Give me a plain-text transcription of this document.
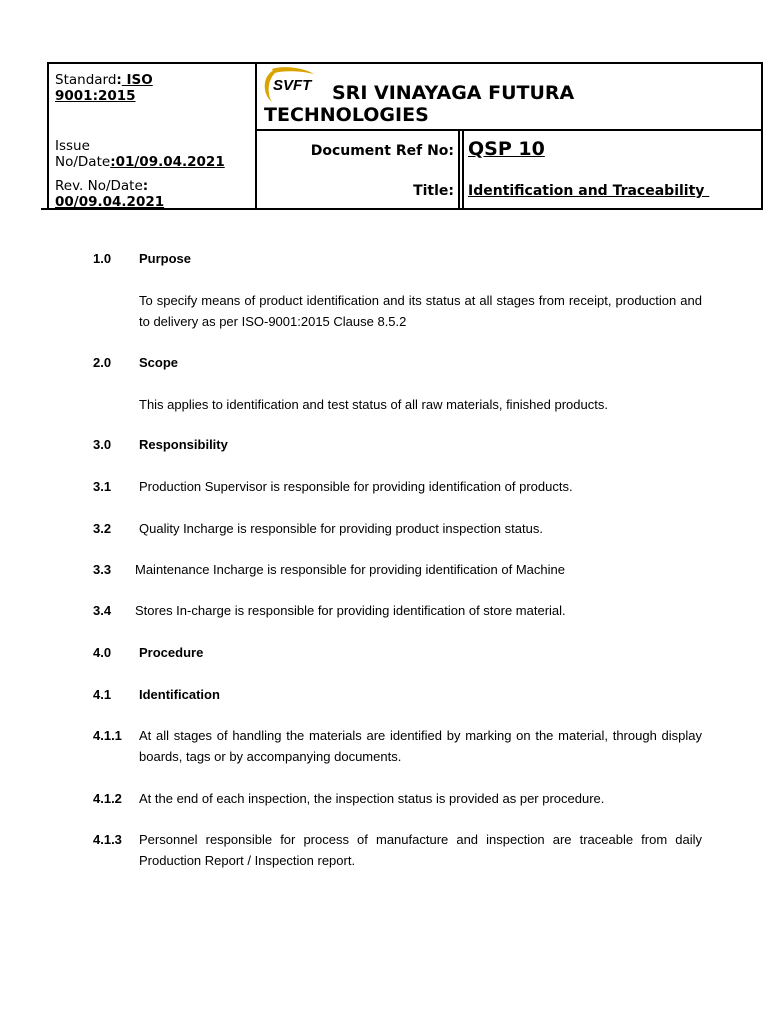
Standard: ISO
9001:2015
Issue
No/Date:01/09.04.2021
Rev. No/Date:
00/09.04.2021
SVFT	SRI VINAYAGA FUTURA
TECHNOLOGIES
Document Ref No: QSP 10
Title: Identification and Traceability
1.0 Purpose
To specify means of product identification and its status at all stages from receipt, production and to delivery as per ISO-9001:2015 Clause 8.5.2
2.0 Scope
This applies to identification and test status of all raw materials, finished products.
3.0 Responsibility
3.1 Production Supervisor is responsible for providing identification of products.
3.2 Quality Incharge is responsible for providing product inspection status.
3.3 Maintenance Incharge is responsible for providing identification of Machine
3.4 Stores In-charge is responsible for providing identification of store material.
4.0 Procedure
4.1 Identification
4.1.1 At all stages of handling the materials are identified by marking on the material, through display boards, tags or by accompanying documents.
4.1.2 At the end of each inspection, the inspection status is provided as per procedure.
4.1.3 Personnel responsible for process of manufacture and inspection are traceable from daily Production Report / Inspection report.
